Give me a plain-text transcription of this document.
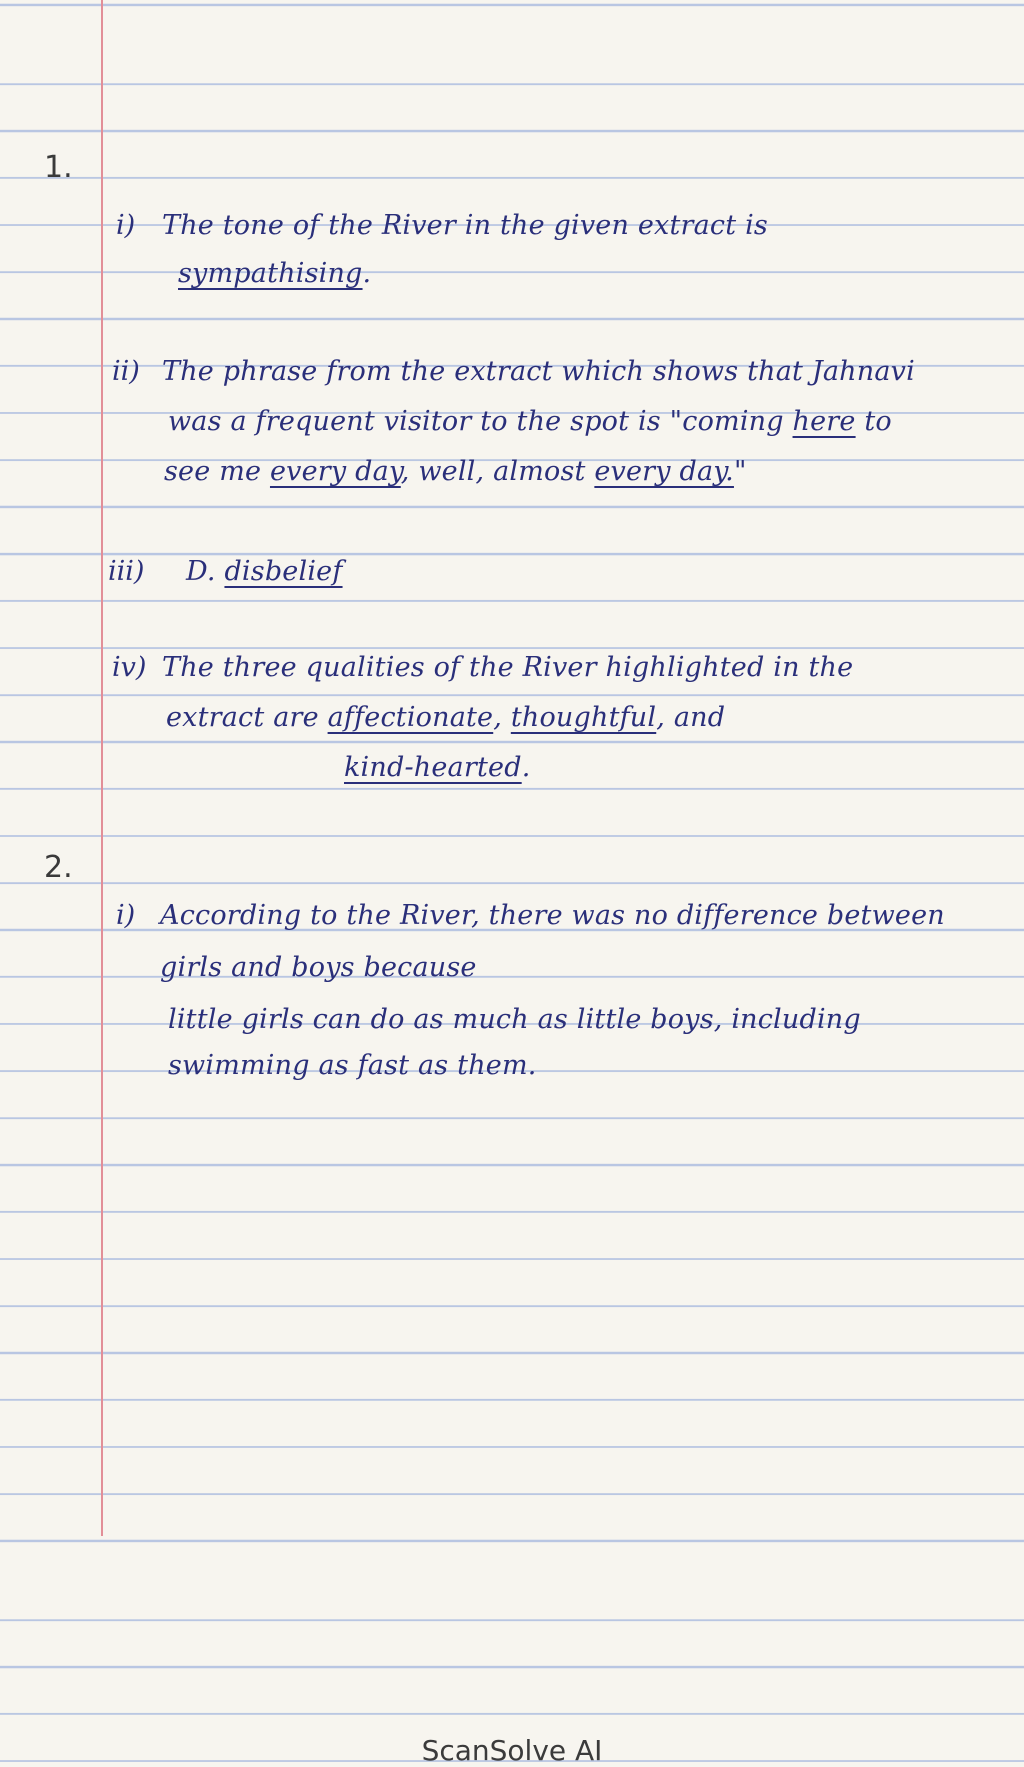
1.
i) The tone of the River in the given extract is
sympathising.
ii) The phrase from the extract which shows that Jahnavi
was a frequent visitor to the spot is "coming here to
see me every day, well, almost every day."
iii) D. disbelief
iv) The three qualities of the River highlighted in the
extract are affectionate, thoughtful, and
kind-hearted.
2.
i) According to the River, there was no difference between
girls and boys because
little girls can do as much as little boys, including
swimming as fast as them.
ScanSolve AI
